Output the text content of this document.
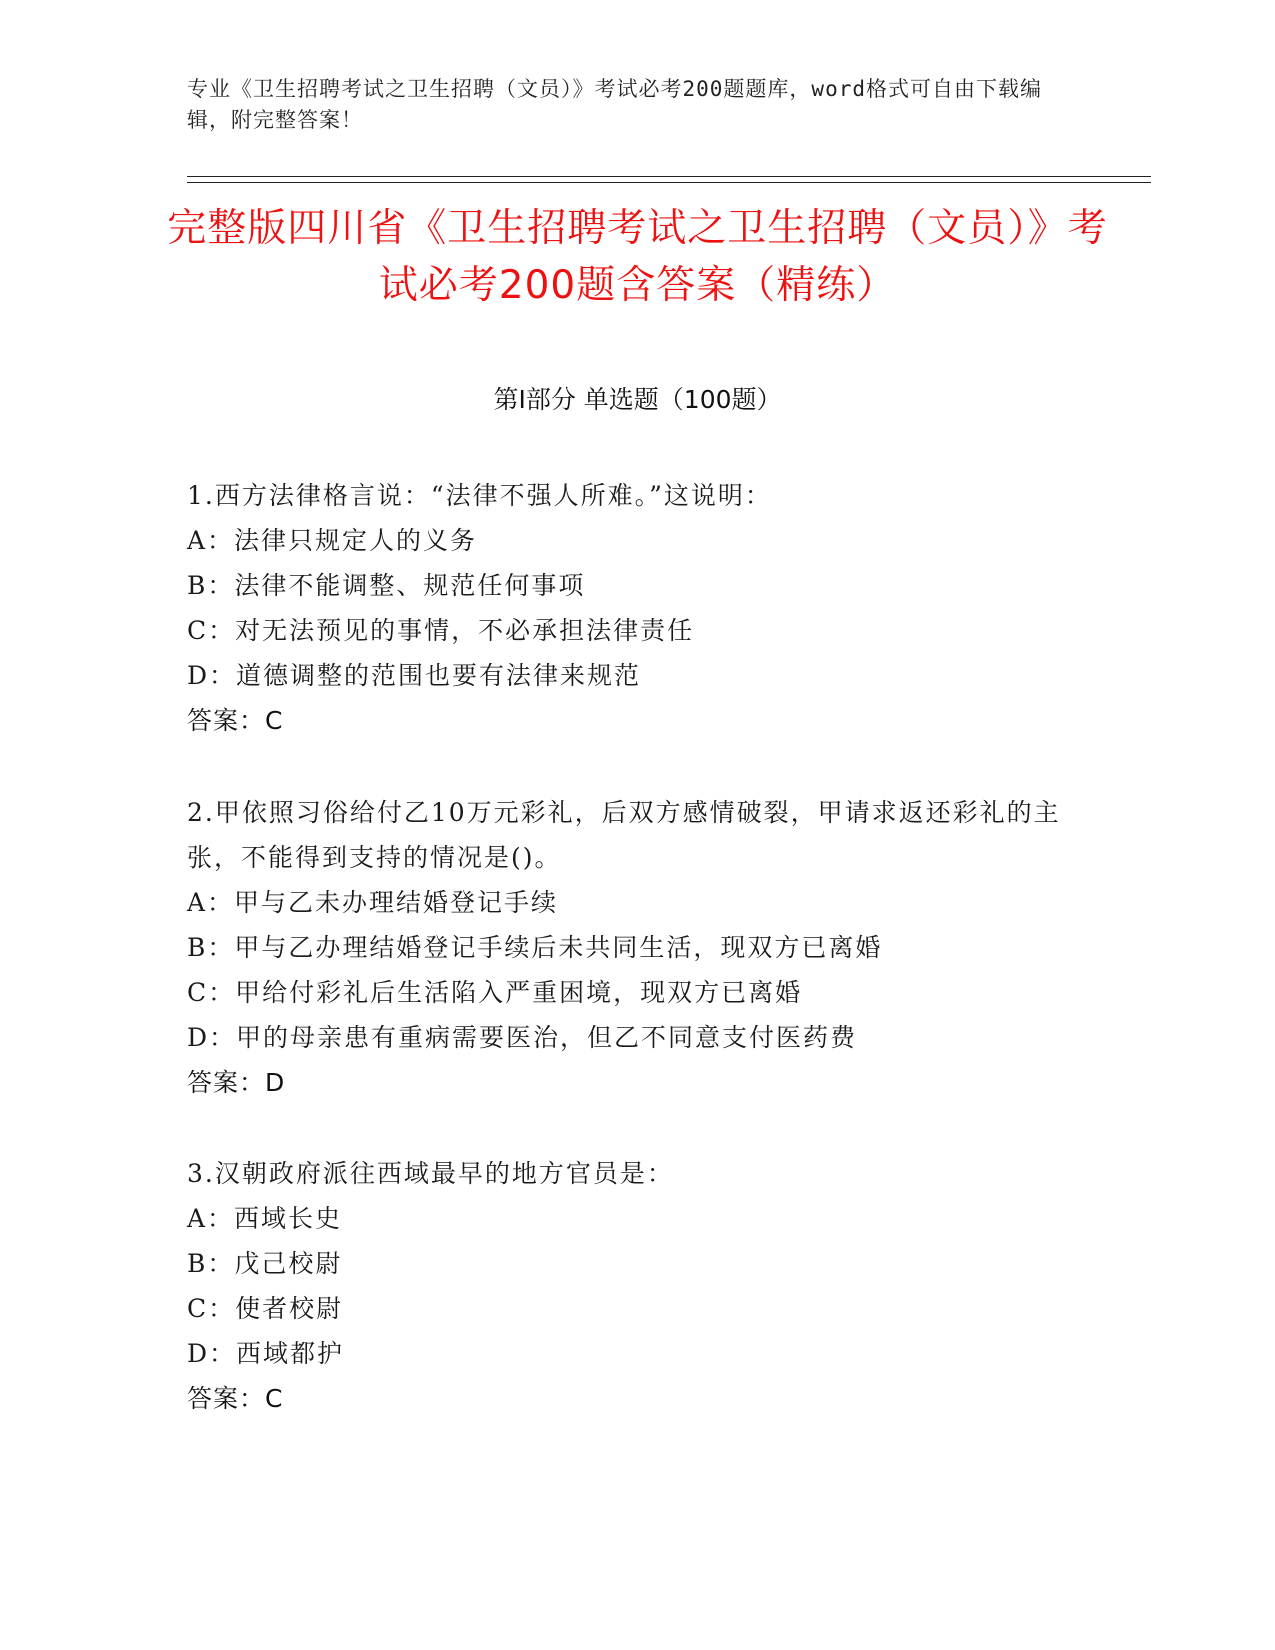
专业《卫生招聘考试之卫生招聘（文员）》考试必考200题题库，word格式可自由下载编辑，附完整答案！
完整版四川省《卫生招聘考试之卫生招聘（文员）》考试必考200题含答案（精练）
第Ⅰ部分 单选题（100题）
1.西方法律格言说：“法律不强人所难。”这说明：
A：法律只规定人的义务
B：法律不能调整、规范任何事项
C：对无法预见的事情，不必承担法律责任
D：道德调整的范围也要有法律来规范
答案：C
2.甲依照习俗给付乙10万元彩礼，后双方感情破裂，甲请求返还彩礼的主张，不能得到支持的情况是()。
A：甲与乙未办理结婚登记手续
B：甲与乙办理结婚登记手续后未共同生活，现双方已离婚
C：甲给付彩礼后生活陷入严重困境，现双方已离婚
D：甲的母亲患有重病需要医治，但乙不同意支付医药费
答案：D
3.汉朝政府派往西域最早的地方官员是：
A：西域长史
B：戊己校尉
C：使者校尉
D：西域都护
答案：C
